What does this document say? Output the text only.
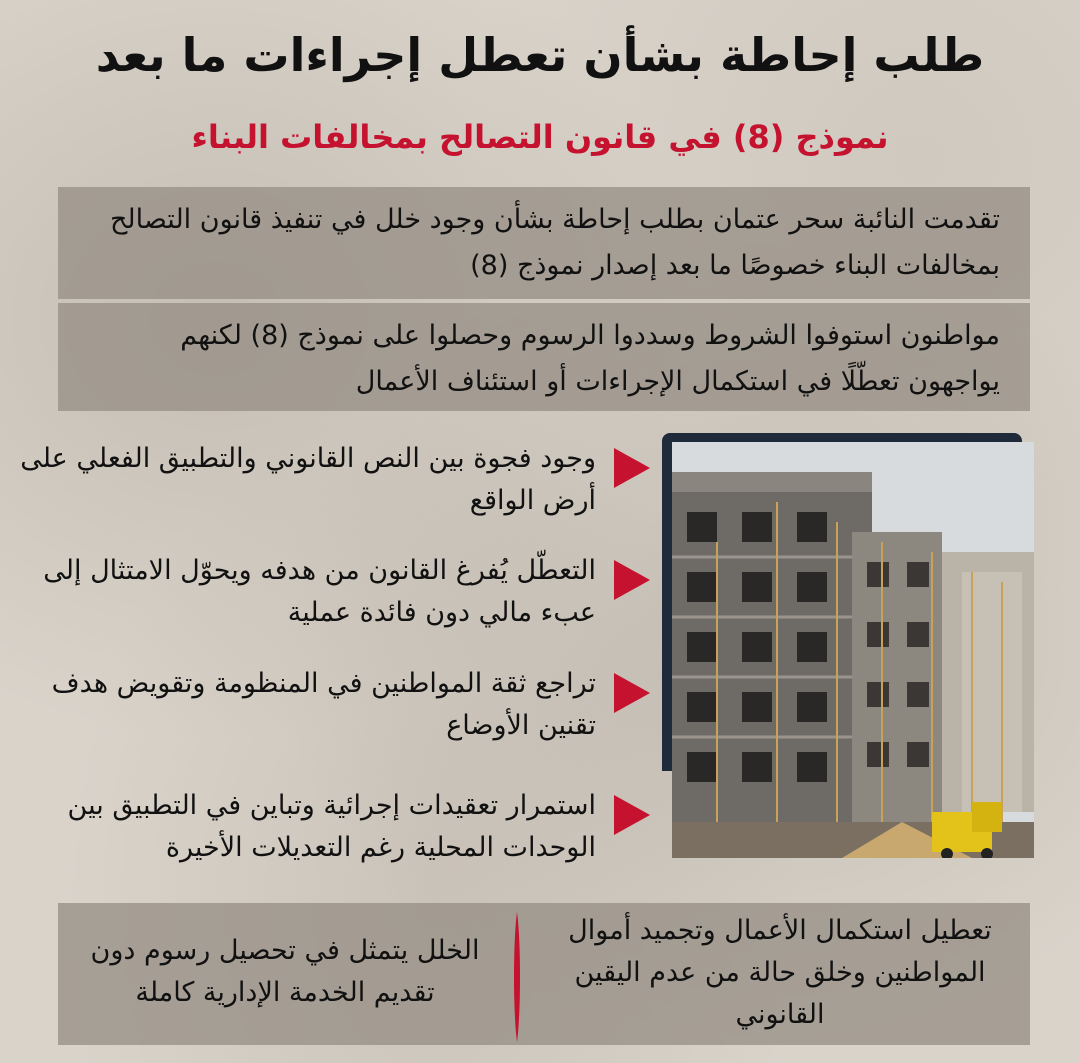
طلب إحاطة بشأن تعطل إجراءات ما بعد
نموذج (8) في قانون التصالح بمخالفات البناء
تقدمت النائبة سحر عتمان بطلب إحاطة بشأن وجود خلل في تنفيذ قانون التصالح بمخالفات البناء خصوصًا ما بعد إصدار نموذج (8)
مواطنون استوفوا الشروط وسددوا الرسوم وحصلوا على نموذج (8) لكنهم يواجهون تعطّلًا في استكمال الإجراءات أو استئناف الأعمال
وجود فجوة بين النص القانوني والتطبيق الفعلي على أرض الواقع
التعطّل يُفرغ القانون من هدفه ويحوّل الامتثال إلى عبء مالي دون فائدة عملية
تراجع ثقة المواطنين في المنظومة وتقويض هدف تقنين الأوضاع
استمرار تعقيدات إجرائية وتباين في التطبيق بين الوحدات المحلية رغم التعديلات الأخيرة
تعطيل استكمال الأعمال وتجميد أموال المواطنين وخلق حالة من عدم اليقين القانوني
الخلل يتمثل في تحصيل رسوم دون تقديم الخدمة الإدارية كاملة
